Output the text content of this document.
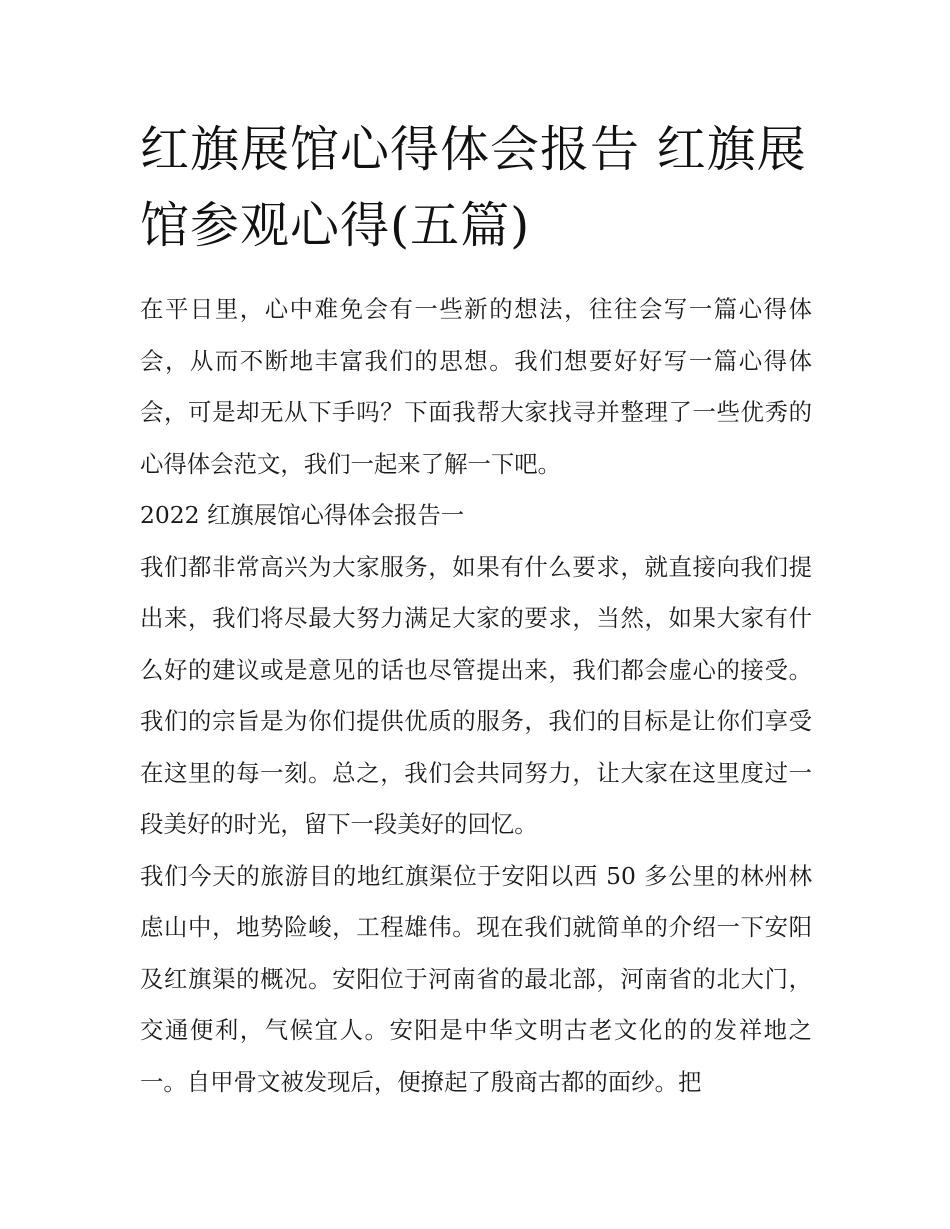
红旗展馆心得体会报告 红旗展馆参观心得(五篇)

在平日里，心中难免会有一些新的想法，往往会写一篇心得体会，从而不断地丰富我们的思想。我们想要好好写一篇心得体会，可是却无从下手吗？下面我帮大家找寻并整理了一些优秀的心得体会范文，我们一起来了解一下吧。

2022 红旗展馆心得体会报告一

我们都非常高兴为大家服务，如果有什么要求，就直接向我们提出来，我们将尽最大努力满足大家的要求，当然，如果大家有什么好的建议或是意见的话也尽管提出来，我们都会虚心的接受。我们的宗旨是为你们提供优质的服务，我们的目标是让你们享受在这里的每一刻。总之，我们会共同努力，让大家在这里度过一段美好的时光，留下一段美好的回忆。

我们今天的旅游目的地红旗渠位于安阳以西 50 多公里的林州林虑山中，地势险峻，工程雄伟。现在我们就简单的介绍一下安阳及红旗渠的概况。安阳位于河南省的最北部，河南省的北大门，交通便利，气候宜人。安阳是中华文明古老文化的的发祥地之一。自甲骨文被发现后，便撩起了殷商古都的面纱。把
